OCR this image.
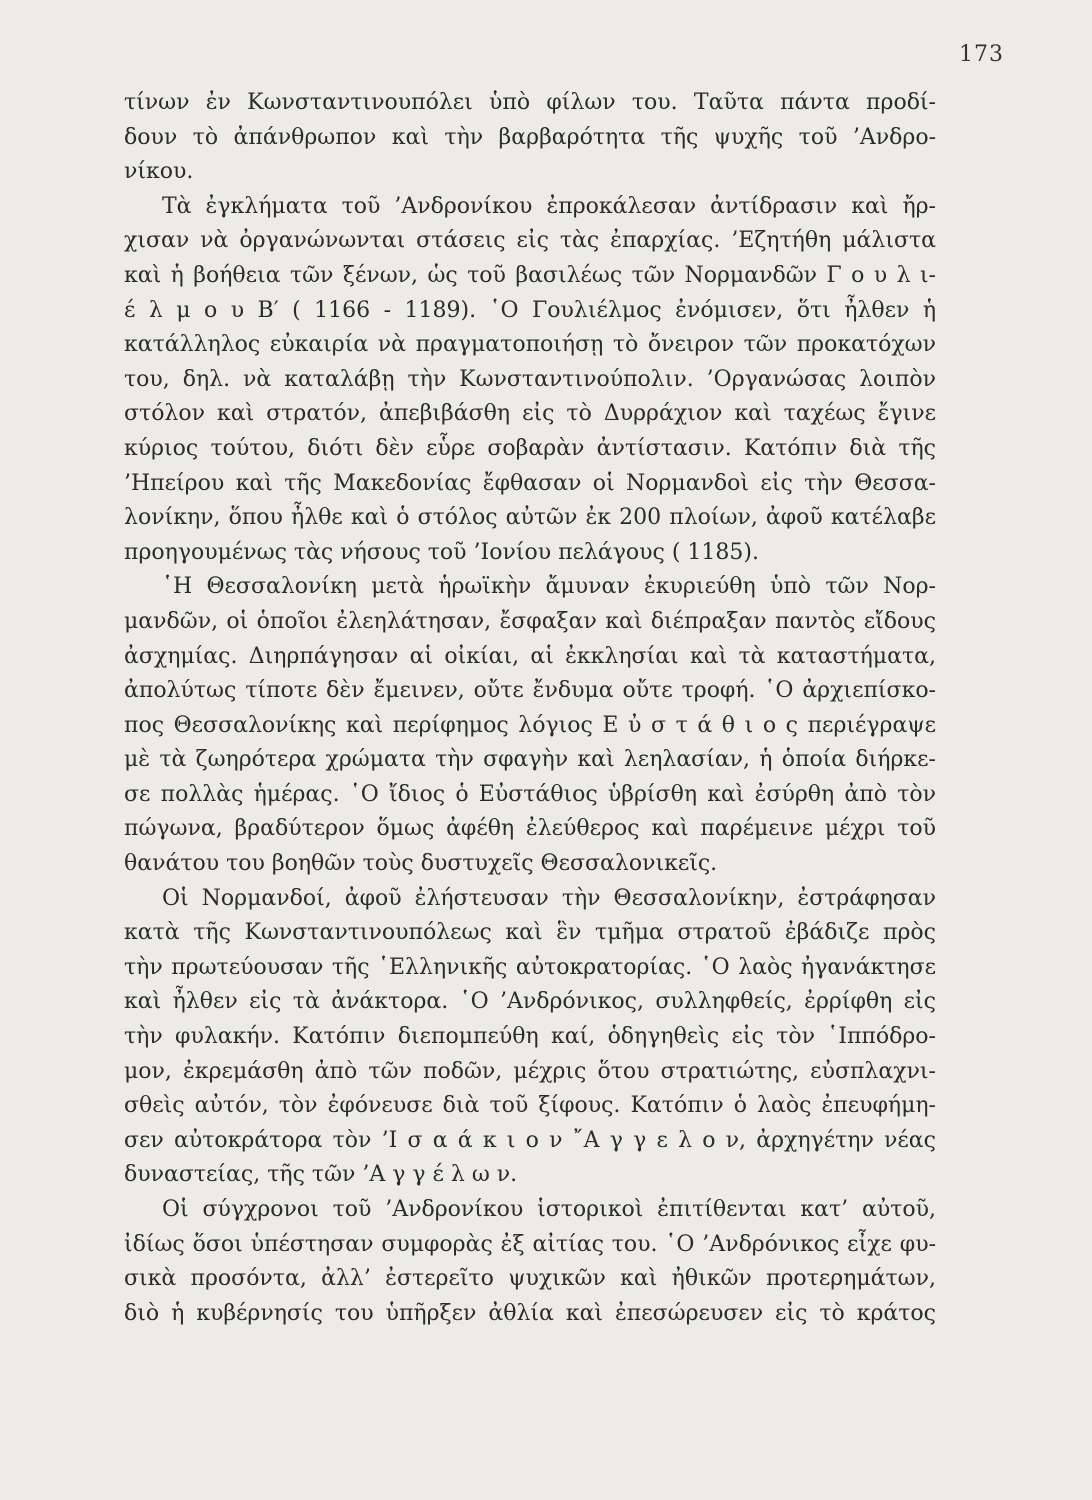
173
τίνων ἐν Κωνσταντινουπόλει ὑπὸ φίλων του. Ταῦτα πάντα προδί-
δουν τὸ ἀπάνθρωπον καὶ τὴν βαρβαρότητα τῆς ψυχῆς τοῦ ’Ανδρο-
νίκου.
Τὰ ἐγκλήματα τοῦ ’Ανδρονίκου ἐπροκάλεσαν ἀντίδρασιν καὶ ἤρ-
χισαν νὰ ὀργανώνωνται στάσεις εἰς τὰς ἐπαρχίας. ’Εζητήθη μάλιστα
καὶ ἡ βοήθεια τῶν ξένων, ὡς τοῦ βασιλέως τῶν Νορμανδῶν Γ ο υ λ ι-
έ λ μ ο υ Β′ ( 1166 - 1189). ῾Ο Γουλιέλμος ἐνόμισεν, ὅτι ἦλθεν ἡ
κατάλληλος εὐκαιρία νὰ πραγματοποιήσῃ τὸ ὄνειρον τῶν προκατόχων
του, δηλ. νὰ καταλάβῃ τὴν Κωνσταντινούπολιν. ’Οργανώσας λοιπὸν
στόλον καὶ στρατόν, ἀπεβιβάσθη εἰς τὸ Δυρράχιον καὶ ταχέως ἔγινε
κύριος τούτου, διότι δὲν εὗρε σοβαρὰν ἀντίστασιν. Κατόπιν διὰ τῆς
’Ηπείρου καὶ τῆς Μακεδονίας ἔφθασαν οἱ Νορμανδοὶ εἰς τὴν Θεσσα-
λονίκην, ὅπου ἦλθε καὶ ὁ στόλος αὐτῶν ἐκ 200 πλοίων, ἀφοῦ κατέλαβε
προηγουμένως τὰς νήσους τοῦ ’Ιονίου πελάγους ( 1185).
῾Η Θεσσαλονίκη μετὰ ἡρωϊκὴν ἄμυναν ἐκυριεύθη ὑπὸ τῶν Νορ-
μανδῶν, οἱ ὁποῖοι ἐλεηλάτησαν, ἔσφαξαν καὶ διέπραξαν παντὸς εἴδους
ἀσχημίας. Διηρπάγησαν αἱ οἰκίαι, αἱ ἐκκλησίαι καὶ τὰ καταστήματα,
ἀπολύτως τίποτε δὲν ἔμεινεν, οὔτε ἔνδυμα οὔτε τροφή. ῾Ο ἀρχιεπίσκο-
πος Θεσσαλονίκης καὶ περίφημος λόγιος Ε ὐ σ τ ά θ ι ο ς περιέγραψε
μὲ τὰ ζωηρότερα χρώματα τὴν σφαγὴν καὶ λεηλασίαν, ἡ ὁποία διήρκε-
σε πολλὰς ἡμέρας. ῾Ο ἴδιος ὁ Εὐστάθιος ὑβρίσθη καὶ ἐσύρθη ἀπὸ τὸν
πώγωνα, βραδύτερον ὅμως ἀφέθη ἐλεύθερος καὶ παρέμεινε μέχρι τοῦ
θανάτου του βοηθῶν τοὺς δυστυχεῖς Θεσσαλονικεῖς.
Οἱ Νορμανδοί, ἀφοῦ ἐλήστευσαν τὴν Θεσσαλονίκην, ἐστράφησαν
κατὰ τῆς Κωνσταντινουπόλεως καὶ ἓν τμῆμα στρατοῦ ἐβάδιζε πρὸς
τὴν πρωτεύουσαν τῆς ῾Ελληνικῆς αὐτοκρατορίας. ῾Ο λαὸς ἠγανάκτησε
καὶ ἦλθεν εἰς τὰ ἀνάκτορα. ῾Ο ’Ανδρόνικος, συλληφθείς, ἐρρίφθη εἰς
τὴν φυλακήν. Κατόπιν διεπομπεύθη καί, ὁδηγηθεὶς εἰς τὸν ῾Ιππόδρο-
μον, ἐκρεμάσθη ἀπὸ τῶν ποδῶν, μέχρις ὅτου στρατιώτης, εὐσπλαχνι-
σθεὶς αὐτόν, τὸν ἐφόνευσε διὰ τοῦ ξίφους. Κατόπιν ὁ λαὸς ἐπευφήμη-
σεν αὐτοκράτορα τὸν ’Ι σ α ά κ ι ο ν ῎Α γ γ ε λ ο ν, ἀρχηγέτην νέας
δυναστείας, τῆς τῶν ’Α γ γ έ λ ω ν.
Οἱ σύγχρονοι τοῦ ’Ανδρονίκου ἱστορικοὶ ἐπιτίθενται κατ’ αὐτοῦ,
ἰδίως ὅσοι ὑπέστησαν συμφορὰς ἐξ αἰτίας του. ῾Ο ’Ανδρόνικος εἶχε φυ-
σικὰ προσόντα, ἀλλ’ ἐστερεῖτο ψυχικῶν καὶ ἠθικῶν προτερημάτων,
διὸ ἡ κυβέρνησίς του ὑπῆρξεν ἀθλία καὶ ἐπεσώρευσεν εἰς τὸ κράτος
